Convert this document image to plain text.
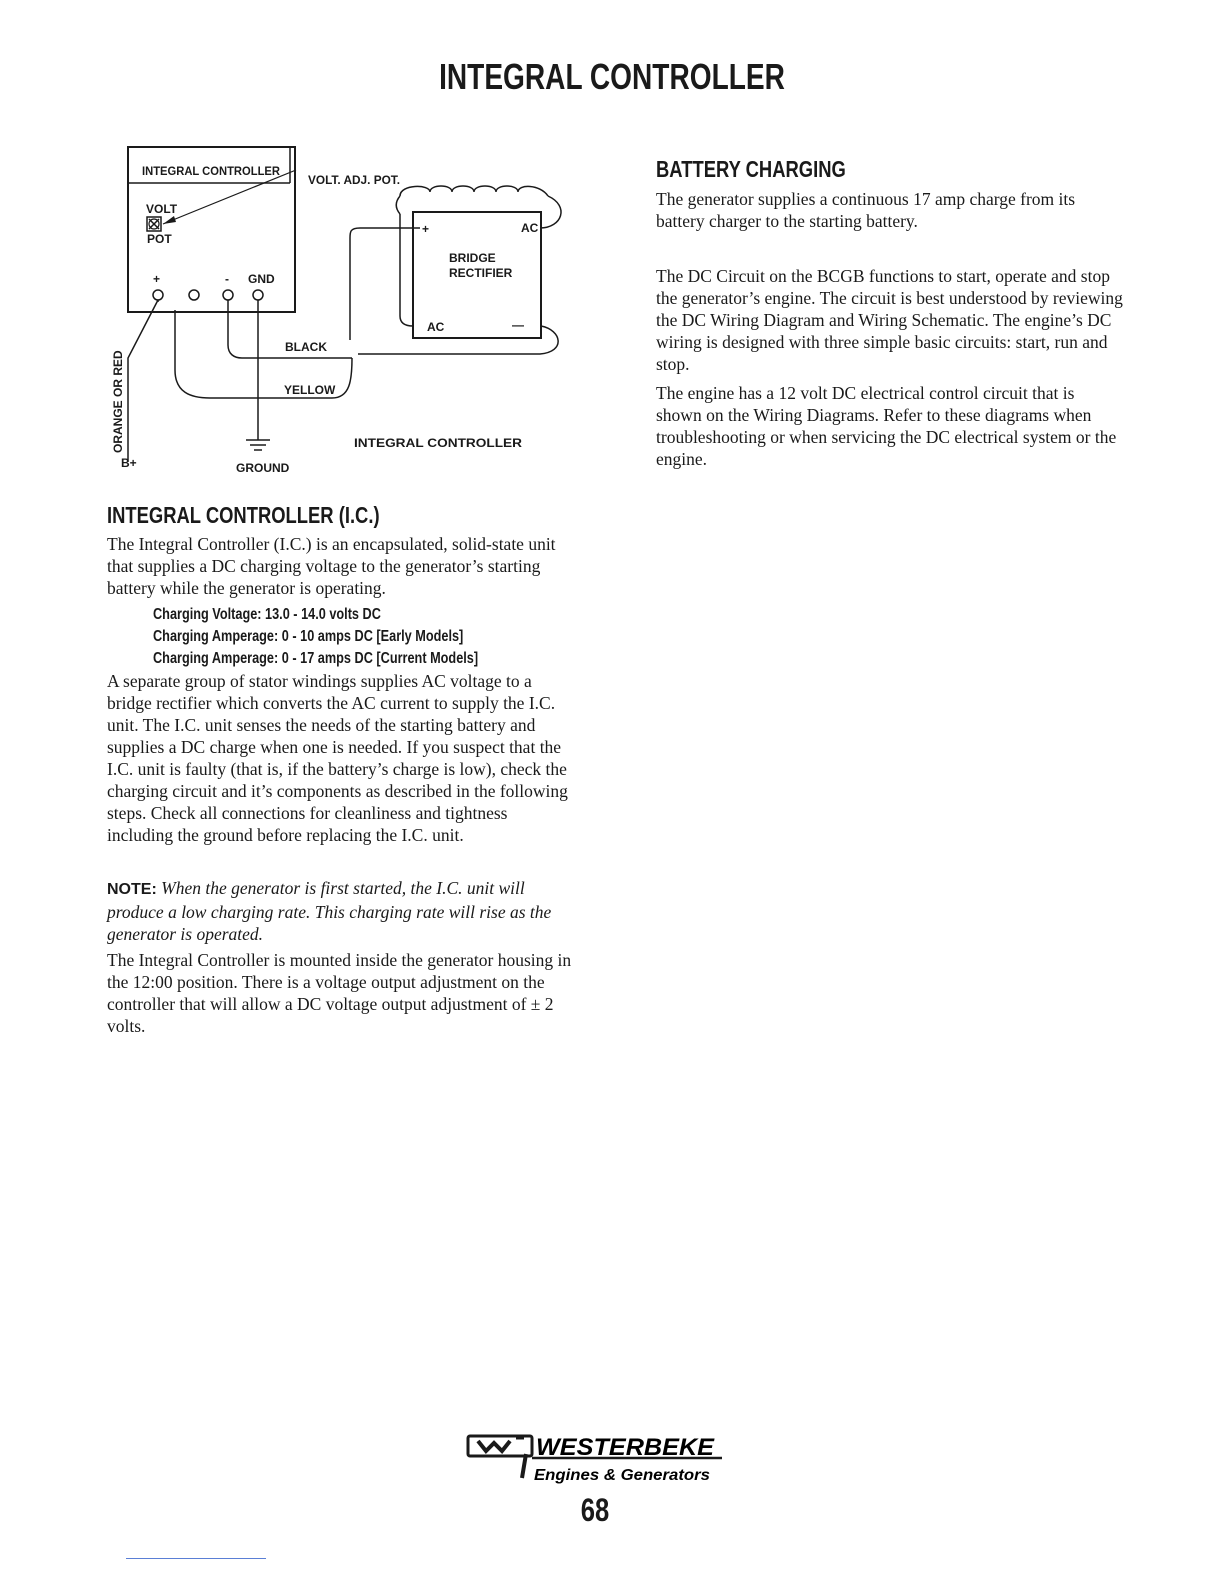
INTEGRAL CONTROLLER
INTEGRAL CONTROLLER
VOLT
POT
VOLT. ADJ. POT.
+	- GND
+	AC
BRIDGE
RECTIFIER
AC	—
BLACK
YELLOW
GROUND
ORANGE OR RED
B+
INTEGRAL CONTROLLER
INTEGRAL CONTROLLER (I.C.)

The Integral Controller (I.C.) is an encapsulated, solid-state unit that supplies a DC charging voltage to the generator’s starting battery while the generator is operating.

Charging Voltage: 13.0 - 14.0 volts DC
Charging Amperage: 0 - 10 amps DC [Early Models]
Charging Amperage: 0 - 17 amps DC [Current Models]

A separate group of stator windings supplies AC voltage to a bridge rectifier which converts the AC current to supply the I.C. unit. The I.C. unit senses the needs of the starting battery and supplies a DC charge when one is needed. If you suspect that the I.C. unit is faulty (that is, if the battery’s charge is low), check the charging circuit and it’s components as described in the following steps. Check all connections for cleanliness and tightness including the ground before replacing the I.C. unit.

NOTE: When the generator is first started, the I.C. unit will produce a low charging rate. This charging rate will rise as the generator is operated.

The Integral Controller is mounted inside the generator housing in the 12:00 position. There is a voltage output adjustment on the controller that will allow a DC voltage output adjustment of ± 2 volts.

BATTERY CHARGING

The generator supplies a continuous 17 amp charge from its battery charger to the starting battery.

The DC Circuit on the BCGB functions to start, operate and stop the generator’s engine. The circuit is best understood by reviewing the DC Wiring Diagram and Wiring Schematic. The engine’s DC wiring is designed with three simple basic circuits: start, run and stop.

The engine has a 12 volt DC electrical control circuit that is shown on the Wiring Diagrams. Refer to these diagrams when troubleshooting or when servicing the DC electrical system or the engine.

WESTERBEKE
Engines & Generators
68
